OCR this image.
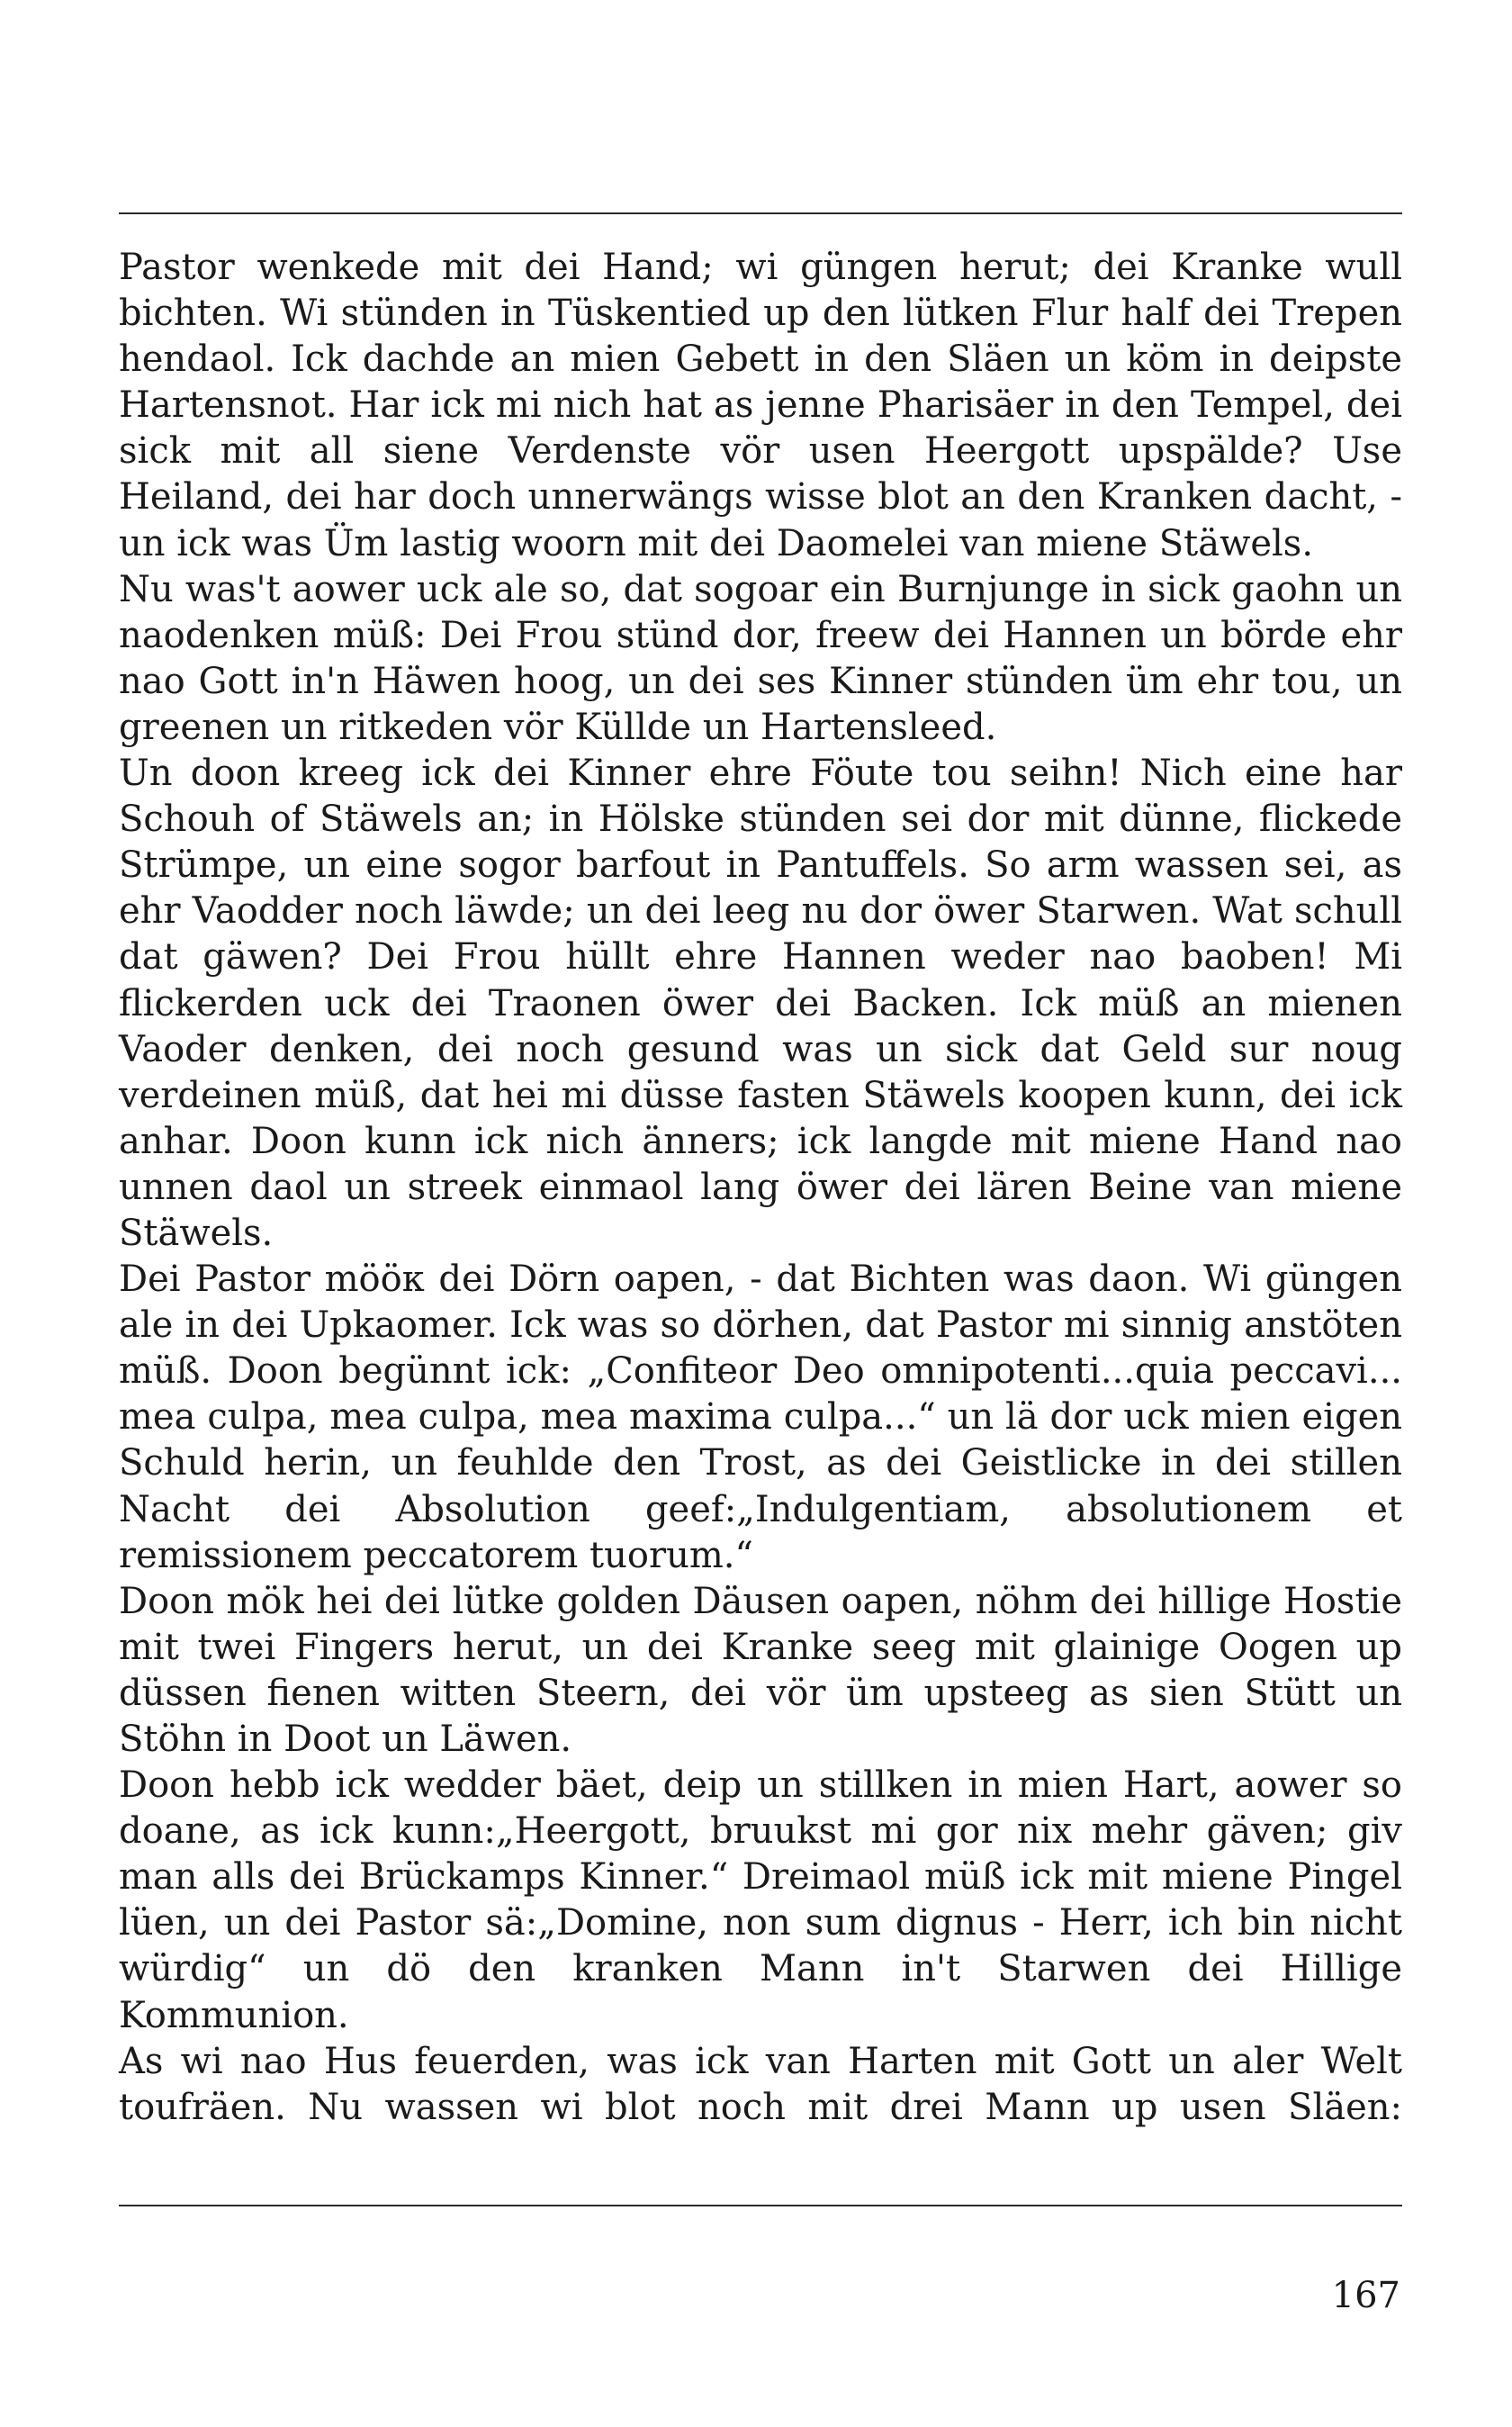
Pastor wenkede mit dei Hand; wi güngen herut; dei Kranke wull bichten. Wi stünden in Tüskentied up den lütken Flur half dei Trepen hendaol. Ick dachde an mien Gebett in den Släen un köm in deipste Hartensnot. Har ick mi nich hat as jenne Pharisäer in den Tempel, dei sick mit all siene Verdenste vör usen Heergott upspälde? Use Heiland, dei har doch unnerwängs wisse blot an den Kranken dacht, - un ick was Üm lastig woorn mit dei Daomelei van miene Stäwels.

Nu was't aower uck ale so, dat sogoar ein Burnjunge in sick gaohn un naodenken müß: Dei Frou stünd dor, freew dei Hannen un börde ehr nao Gott in'n Häwen hoog, un dei ses Kinner stünden üm ehr tou, un greenen un ritkeden vör Küllde un Hartensleed.

Un doon kreeg ick dei Kinner ehre Föute tou seihn! Nich eine har Schouh of Stäwels an; in Hölske stünden sei dor mit dünne, flickede Strümpe, un eine sogor barfout in Pantuffels. So arm wassen sei, as ehr Vaodder noch läwde; un dei leeg nu dor öwer Starwen. Wat schull dat gäwen? Dei Frou hüllt ehre Hannen weder nao baoben! Mi flickerden uck dei Traonen öwer dei Backen. Ick müß an mienen Vaoder denken, dei noch gesund was un sick dat Geld sur noug verdeinen müß, dat hei mi düsse fasten Stäwels koopen kunn, dei ick anhar. Doon kunn ick nich änners; ick langde mit miene Hand nao unnen daol un streek einmaol lang öwer dei lären Beine van miene Stäwels.

Dei Pastor mööк dei Dörn oapen, - dat Bichten was daon. Wi güngen ale in dei Upkaomer. Ick was so dörhen, dat Pastor mi sinnig anstöten müß. Doon begünnt ick: „Confiteor Deo omnipotenti...quia peccavi... mea culpa, mea culpa, mea maxima culpa...“ un lä dor uck mien eigen Schuld herin, un feuhlde den Trost, as dei Geistlicke in dei stillen Nacht dei Absolution geef:„Indulgentiam, absolutionem et remissionem peccatorem tuorum.“

Doon mök hei dei lütke golden Däusen oapen, nöhm dei hillige Hostie mit twei Fingers herut, un dei Kranke seeg mit glainige Oogen up düssen fienen witten Steern, dei vör üm upsteeg as sien Stütt un Stöhn in Doot un Läwen.

Doon hebb ick wedder bäet, deip un stillken in mien Hart, aower so doane, as ick kunn:„Heergott, bruukst mi gor nix mehr gäven; giv man alls dei Brückamps Kinner.“ Dreimaol müß ick mit miene Pingel lüen, un dei Pastor sä:„Domine, non sum dignus - Herr, ich bin nicht würdig“ un dö den kranken Mann in't Starwen dei Hillige Kommunion.

As wi nao Hus feuerden, was ick van Harten mit Gott un aler Welt toufräen. Nu wassen wi blot noch mit drei Mann up usen Släen:

167
